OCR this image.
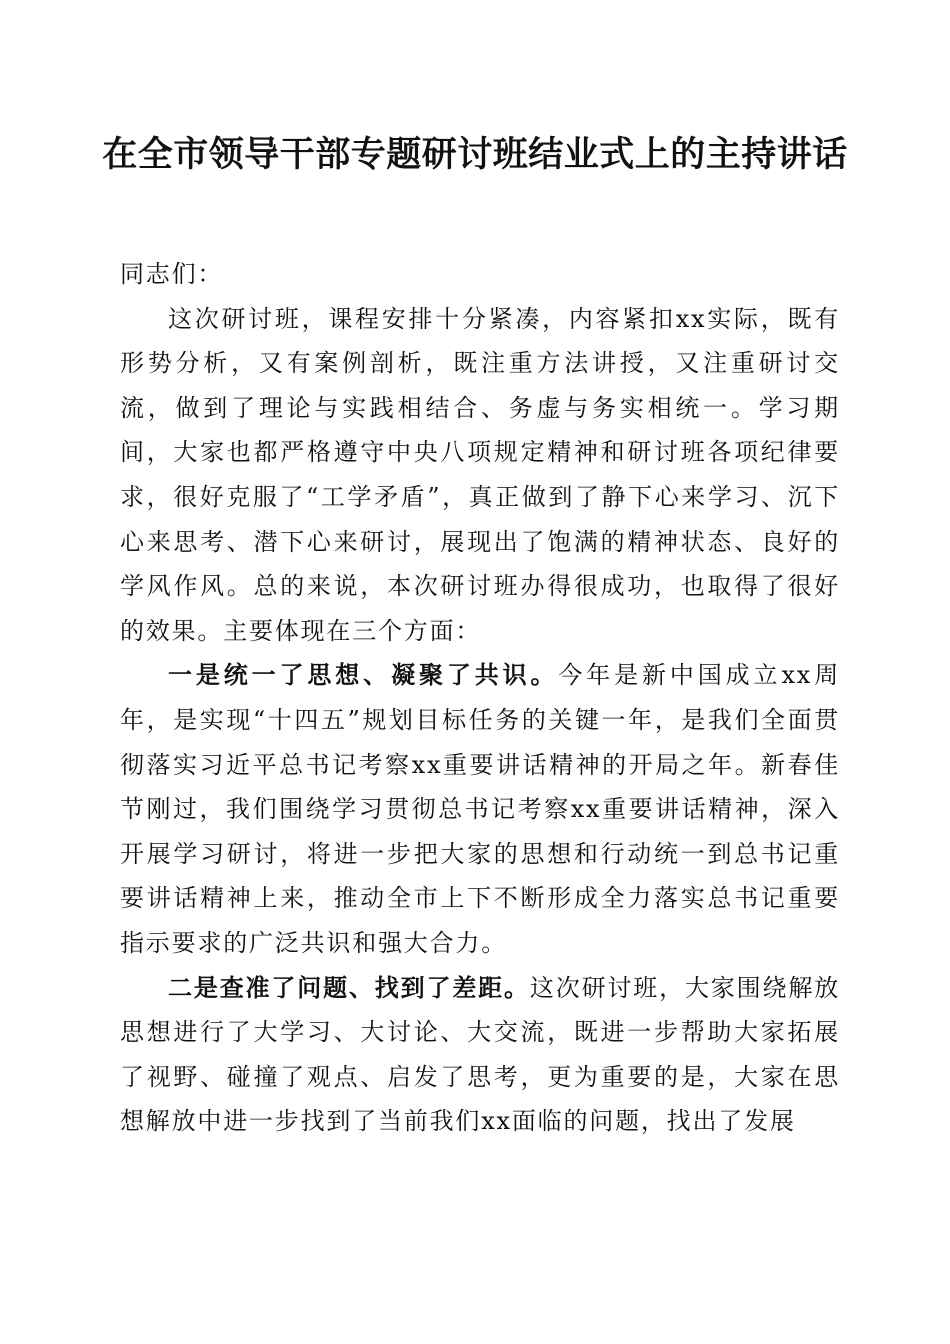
在全市领导干部专题研讨班结业式上的主持讲话

同志们：

这次研讨班，课程安排十分紧凑，内容紧扣xx实际，既有形势分析，又有案例剖析，既注重方法讲授，又注重研讨交流，做到了理论与实践相结合、务虚与务实相统一。学习期间，大家也都严格遵守中央八项规定精神和研讨班各项纪律要求，很好克服了“工学矛盾”，真正做到了静下心来学习、沉下心来思考、潜下心来研讨，展现出了饱满的精神状态、良好的学风作风。总的来说，本次研讨班办得很成功，也取得了很好的效果。主要体现在三个方面：

一是统一了思想、凝聚了共识。今年是新中国成立xx周年，是实现“十四五”规划目标任务的关键一年，是我们全面贯彻落实习近平总书记考察xx重要讲话精神的开局之年。新春佳节刚过，我们围绕学习贯彻总书记考察xx重要讲话精神，深入开展学习研讨，将进一步把大家的思想和行动统一到总书记重要讲话精神上来，推动全市上下不断形成全力落实总书记重要指示要求的广泛共识和强大合力。

二是查准了问题、找到了差距。这次研讨班，大家围绕解放思想进行了大学习、大讨论、大交流，既进一步帮助大家拓展了视野、碰撞了观点、启发了思考，更为重要的是，大家在思想解放中进一步找到了当前我们xx面临的问题，找出了发展
